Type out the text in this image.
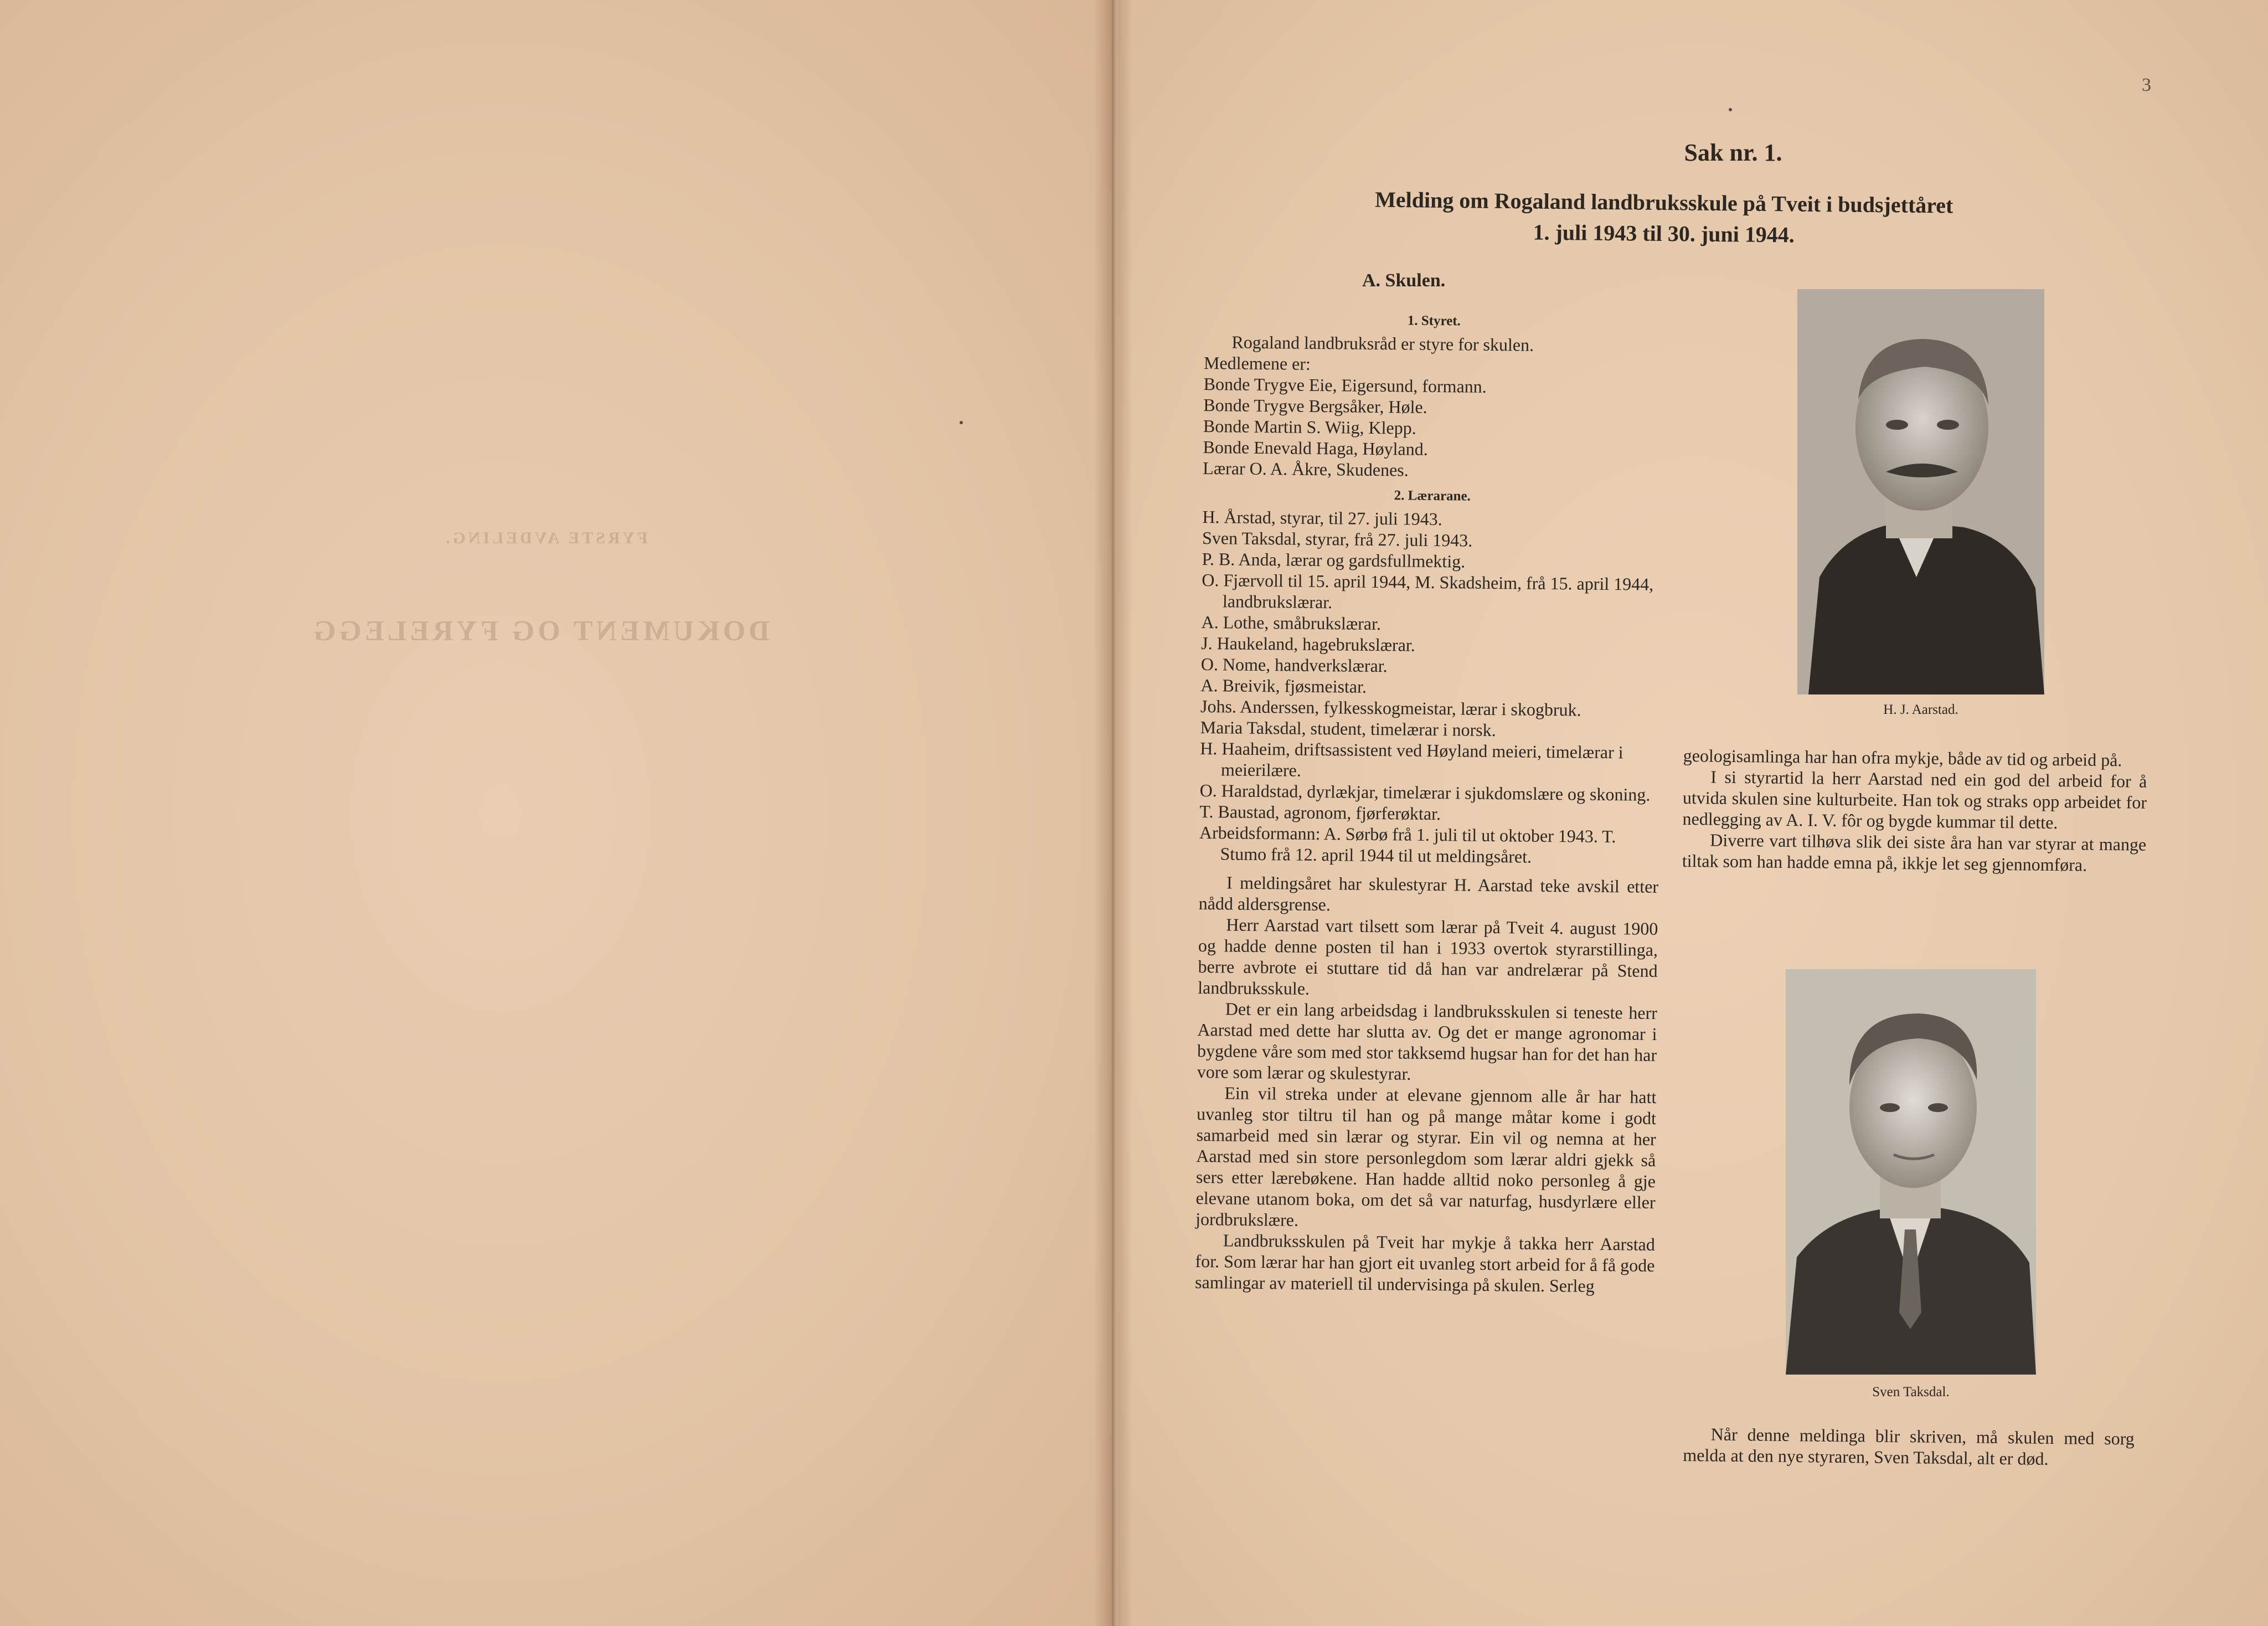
FYRSTE AVDELING.
DOKUMENT OG FYRELEGG
3
Sak nr. 1.
Melding om Rogaland landbruksskule på Tveit i budsjettåret
1. juli 1943 til 30. juni 1944.
A. Skulen.
1. Styret.

Rogaland landbruksråd er styre for skulen.

Medlemene er:

Bonde Trygve Eie, Eigersund, formann.

Bonde Trygve Bergsåker, Høle.

Bonde Martin S. Wiig, Klepp.

Bonde Enevald Haga, Høyland.

Lærar O. A. Åkre, Skudenes.

2. Lærarane.

H. Årstad, styrar, til 27. juli 1943.

Sven Taksdal, styrar, frå 27. juli 1943.

P. B. Anda, lærar og gardsfullmektig.

O. Fjærvoll til 15. april 1944, M. Skadsheim, frå 15. april 1944, landbrukslærar.

A. Lothe, småbrukslærar.

J. Haukeland, hagebrukslærar.

O. Nome, handverkslærar.

A. Breivik, fjøsmeistar.

Johs. Anderssen, fylkesskogmeistar, lærar i skogbruk.

Maria Taksdal, student, timelærar i norsk.

H. Haaheim, driftsassistent ved Høyland meieri, timelærar i meierilære.

O. Haraldstad, dyrlækjar, timelærar i sjukdomslære og skoning.

T. Baustad, agronom, fjørferøktar.

Arbeidsformann: A. Sørbø frå 1. juli til ut oktober 1943. T. Stumo frå 12. april 1944 til ut meldingsåret.

I meldingsåret har skulestyrar H. Aarstad teke avskil etter nådd aldersgrense.

Herr Aarstad vart tilsett som lærar på Tveit 4. august 1900 og hadde denne posten til han i 1933 overtok styrarstillinga, berre avbrote ei stuttare tid då han var andrelærar på Stend landbruksskule.

Det er ein lang arbeidsdag i landbruksskulen si teneste herr Aarstad med dette har slutta av. Og det er mange agronomar i bygdene våre som med stor takksemd hugsar han for det han har vore som lærar og skulestyrar.

Ein vil streka under at elevane gjennom alle år har hatt uvanleg stor tiltru til han og på mange måtar kome i godt samarbeid med sin lærar og styrar. Ein vil og nemna at her Aarstad med sin store personlegdom som lærar aldri gjekk så sers etter lærebøkene. Han hadde alltid noko personleg å gje elevane utanom boka, om det så var naturfag, husdyrlære eller jordbrukslære.

Landbruksskulen på Tveit har mykje å takka herr Aarstad for. Som lærar har han gjort eit uvanleg stort arbeid for å få gode samlingar av materiell til undervisinga på skulen. Serleg

H. J. Aarstad.

geologisamlinga har han ofra mykje, både av tid og arbeid på.

I si styrartid la herr Aarstad ned ein god del arbeid for å utvida skulen sine kulturbeite. Han tok og straks opp arbeidet for nedlegging av A. I. V. fôr og bygde kummar til dette.

Diverre vart tilhøva slik dei siste åra han var styrar at mange tiltak som han hadde emna på, ikkje let seg gjennomføra.

Sven Taksdal.

Når denne meldinga blir skriven, må skulen med sorg melda at den nye styraren, Sven Taksdal, alt er død.
